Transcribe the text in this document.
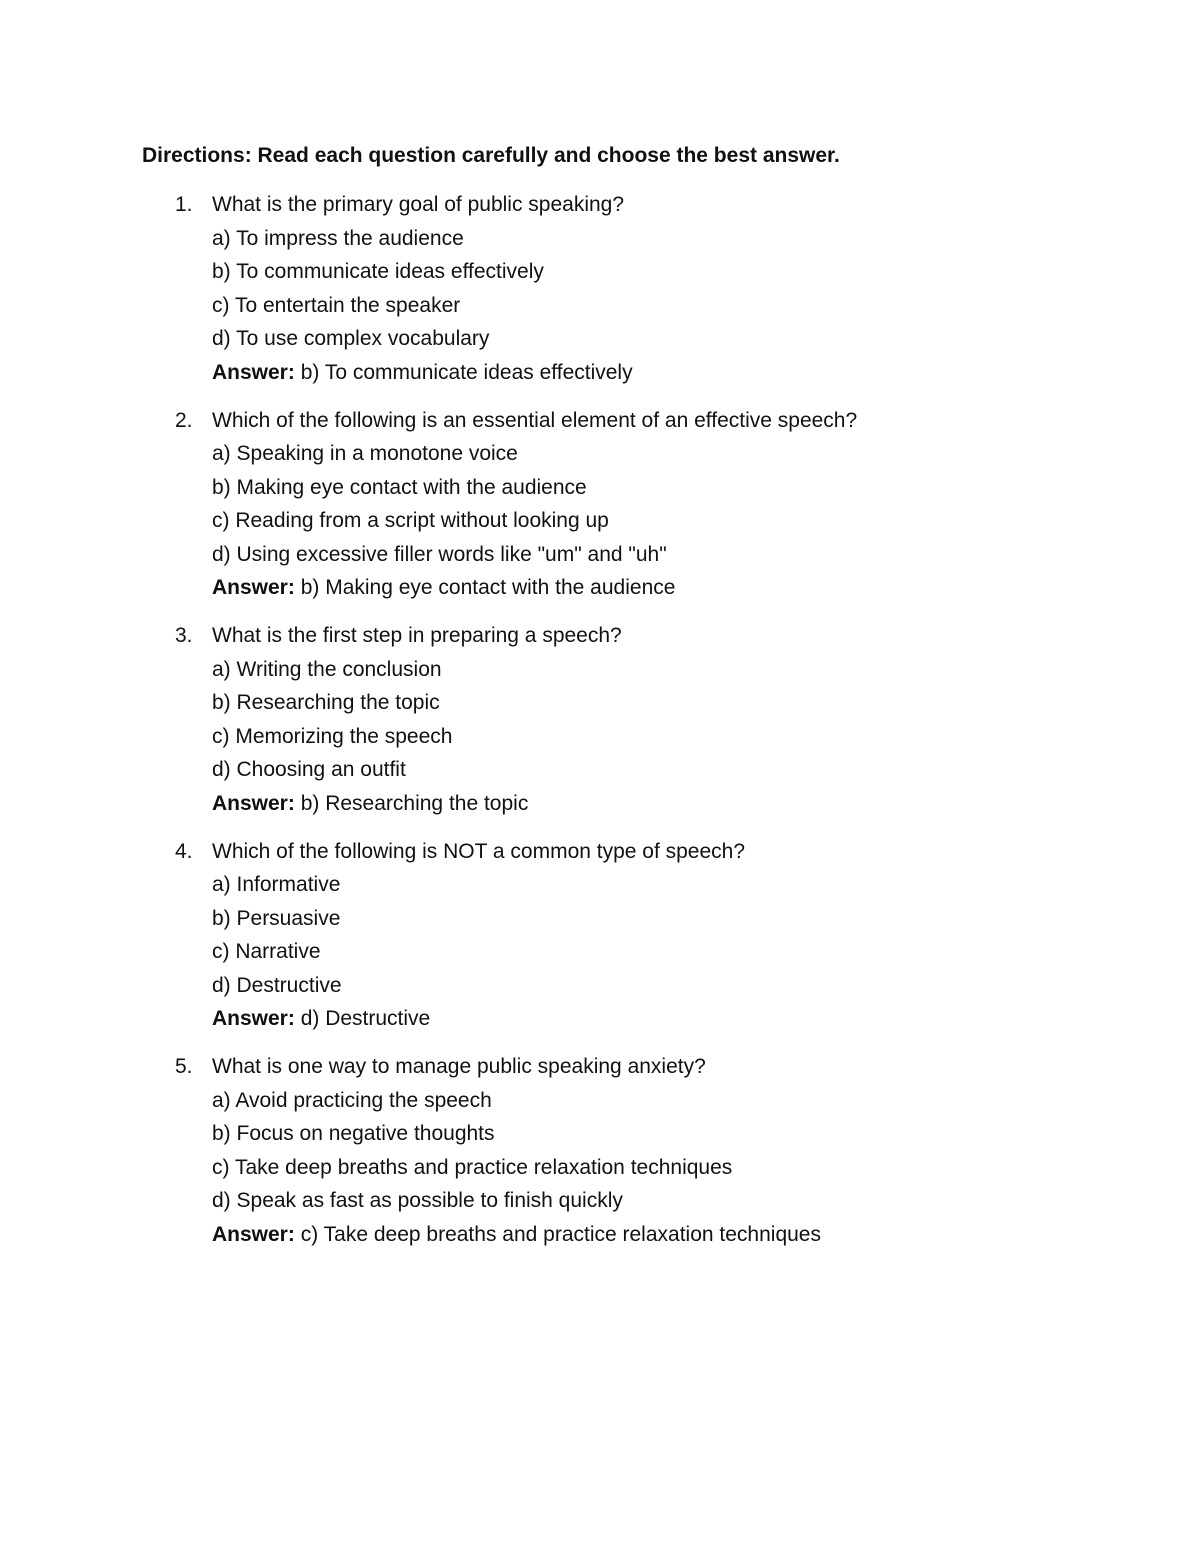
Directions: Read each question carefully and choose the best answer.
1. What is the primary goal of public speaking?
a) To impress the audience
b) To communicate ideas effectively
c) To entertain the speaker
d) To use complex vocabulary
Answer: b) To communicate ideas effectively
2. Which of the following is an essential element of an effective speech?
a) Speaking in a monotone voice
b) Making eye contact with the audience
c) Reading from a script without looking up
d) Using excessive filler words like "um" and "uh"
Answer: b) Making eye contact with the audience
3. What is the first step in preparing a speech?
a) Writing the conclusion
b) Researching the topic
c) Memorizing the speech
d) Choosing an outfit
Answer: b) Researching the topic
4. Which of the following is NOT a common type of speech?
a) Informative
b) Persuasive
c) Narrative
d) Destructive
Answer: d) Destructive
5. What is one way to manage public speaking anxiety?
a) Avoid practicing the speech
b) Focus on negative thoughts
c) Take deep breaths and practice relaxation techniques
d) Speak as fast as possible to finish quickly
Answer: c) Take deep breaths and practice relaxation techniques
